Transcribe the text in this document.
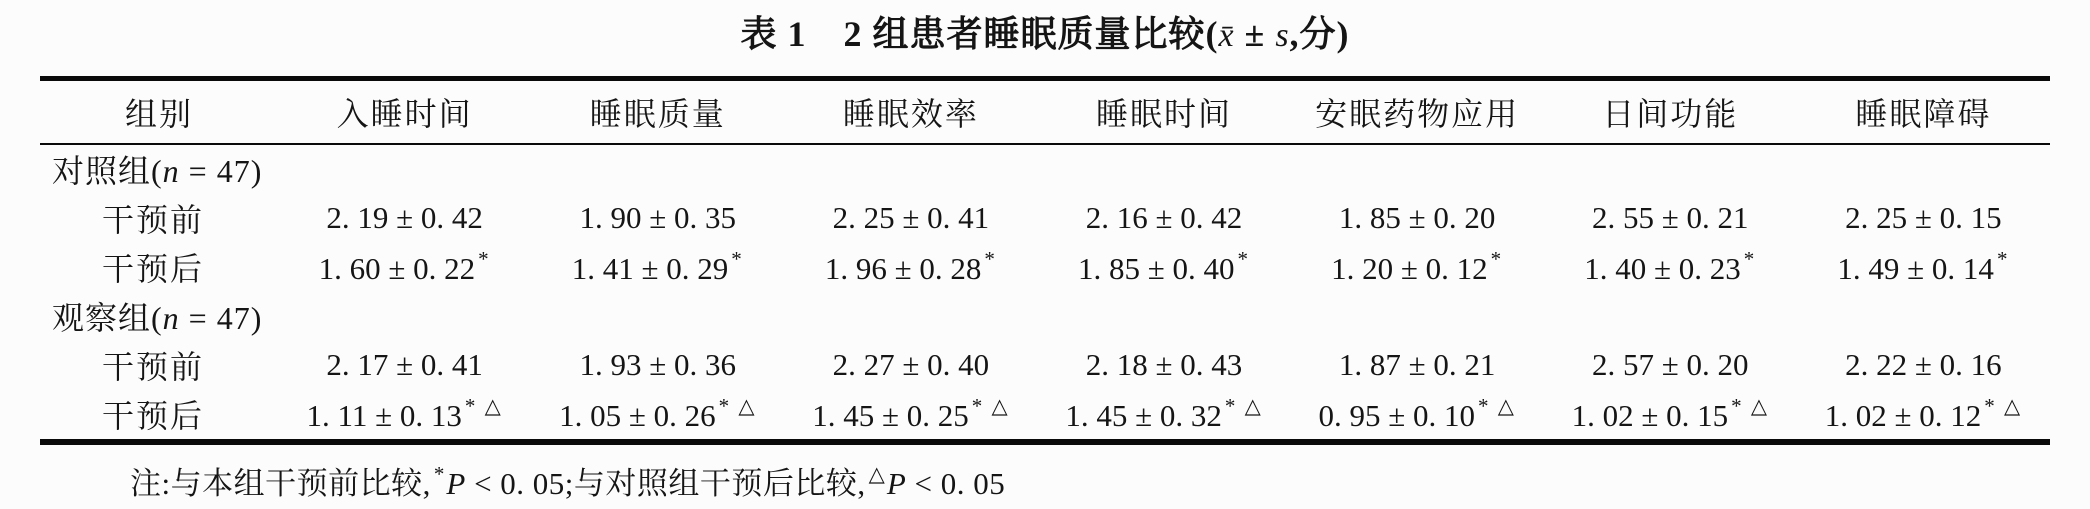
表 1　2 组患者睡眠质量比较(x̄ ± s,分)
组别	入睡时间	睡眠质量	睡眠效率	睡眠时间	安眠药物应用	日间功能	睡眠障碍
对照组(n = 47)							
干预前	2. 19 ± 0. 42	1. 90 ± 0. 35	2. 25 ± 0. 41	2. 16 ± 0. 42	1. 85 ± 0. 20	2. 55 ± 0. 21	2. 25 ± 0. 15
干预后	1. 60 ± 0. 22 *	1. 41 ± 0. 29 *	1. 96 ± 0. 28 *	1. 85 ± 0. 40 *	1. 20 ± 0. 12 *	1. 40 ± 0. 23 *	1. 49 ± 0. 14 *
观察组(n = 47)							
干预前	2. 17 ± 0. 41	1. 93 ± 0. 36	2. 27 ± 0. 40	2. 18 ± 0. 43	1. 87 ± 0. 21	2. 57 ± 0. 20	2. 22 ± 0. 16
干预后	1. 11 ± 0. 13 * △	1. 05 ± 0. 26 * △	1. 45 ± 0. 25 * △	1. 45 ± 0. 32 * △	0. 95 ± 0. 10 * △	1. 02 ± 0. 15 * △	1. 02 ± 0. 12 * △
注:与本组干预前比较, *P < 0. 05;与对照组干预后比较, △P < 0. 05
